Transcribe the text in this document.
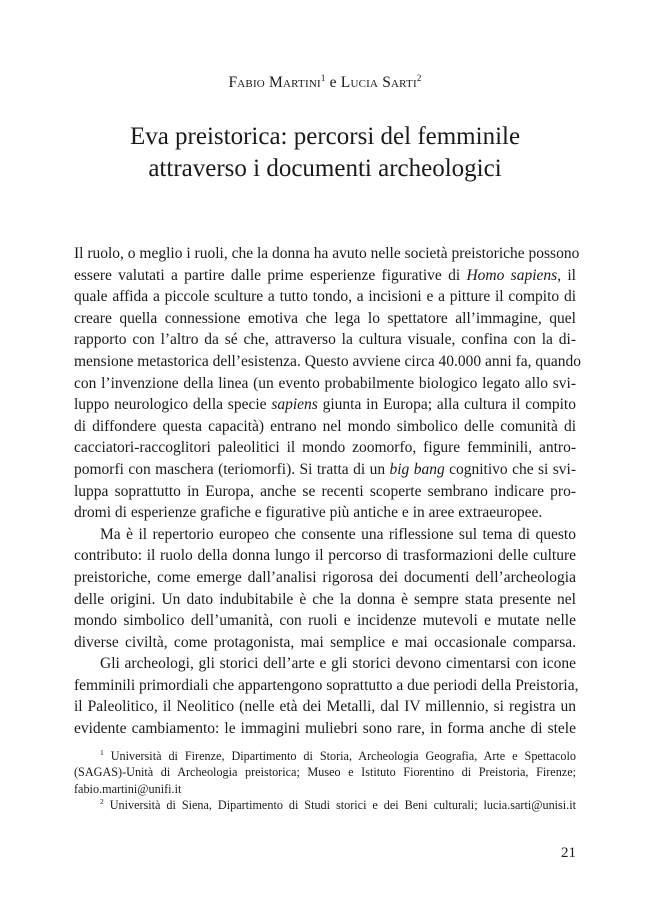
Fabio Martini$^1$ e Lucia Sarti$^2$
Eva preistorica: percorsi del femminile
attraverso i documenti archeologici

Il ruolo, o meglio i ruoli, che la donna ha avuto nelle società preistoriche possono
essere valutati a partire dalle prime esperienze figurative di Homo sapiens, il
quale affida a piccole sculture a tutto tondo, a incisioni e a pitture il compito di
creare quella connessione emotiva che lega lo spettatore all’immagine, quel
rapporto con l’altro da sé che, attraverso la cultura visuale, confina con la di-
mensione metastorica dell’esistenza. Questo avviene circa 40.000 anni fa, quando
con l’invenzione della linea (un evento probabilmente biologico legato allo svi-
luppo neurologico della specie sapiens giunta in Europa; alla cultura il compito
di diffondere questa capacità) entrano nel mondo simbolico delle comunità di
cacciatori-raccoglitori paleolitici il mondo zoomorfo, figure femminili, antro-
pomorfi con maschera (teriomorfi). Si tratta di un big bang cognitivo che si svi-
luppa soprattutto in Europa, anche se recenti scoperte sembrano indicare pro-
dromi di esperienze grafiche e figurative più antiche e in aree extraeuropee.

Ma è il repertorio europeo che consente una riflessione sul tema di questo
contributo: il ruolo della donna lungo il percorso di trasformazioni delle culture
preistoriche, come emerge dall’analisi rigorosa dei documenti dell’archeologia
delle origini. Un dato indubitabile è che la donna è sempre stata presente nel
mondo simbolico dell’umanità, con ruoli e incidenze mutevoli e mutate nelle
diverse civiltà, come protagonista, mai semplice e mai occasionale comparsa.

Gli archeologi, gli storici dell’arte e gli storici devono cimentarsi con icone
femminili primordiali che appartengono soprattutto a due periodi della Preistoria,
il Paleolitico, il Neolitico (nelle età dei Metalli, dal IV millennio, si registra un
evidente cambiamento: le immagini muliebri sono rare, in forma anche di stele

$^1$ Università di Firenze, Dipartimento di Storia, Archeologia Geografia, Arte e Spettacolo
(SAGAS)-Unità di Archeologia preistorica; Museo e Istituto Fiorentino di Preistoria, Firenze;
fabio.martini@unifi.it

$^2$ Università di Siena, Dipartimento di Studi storici e dei Beni culturali; lucia.sarti@unisi.it

21
